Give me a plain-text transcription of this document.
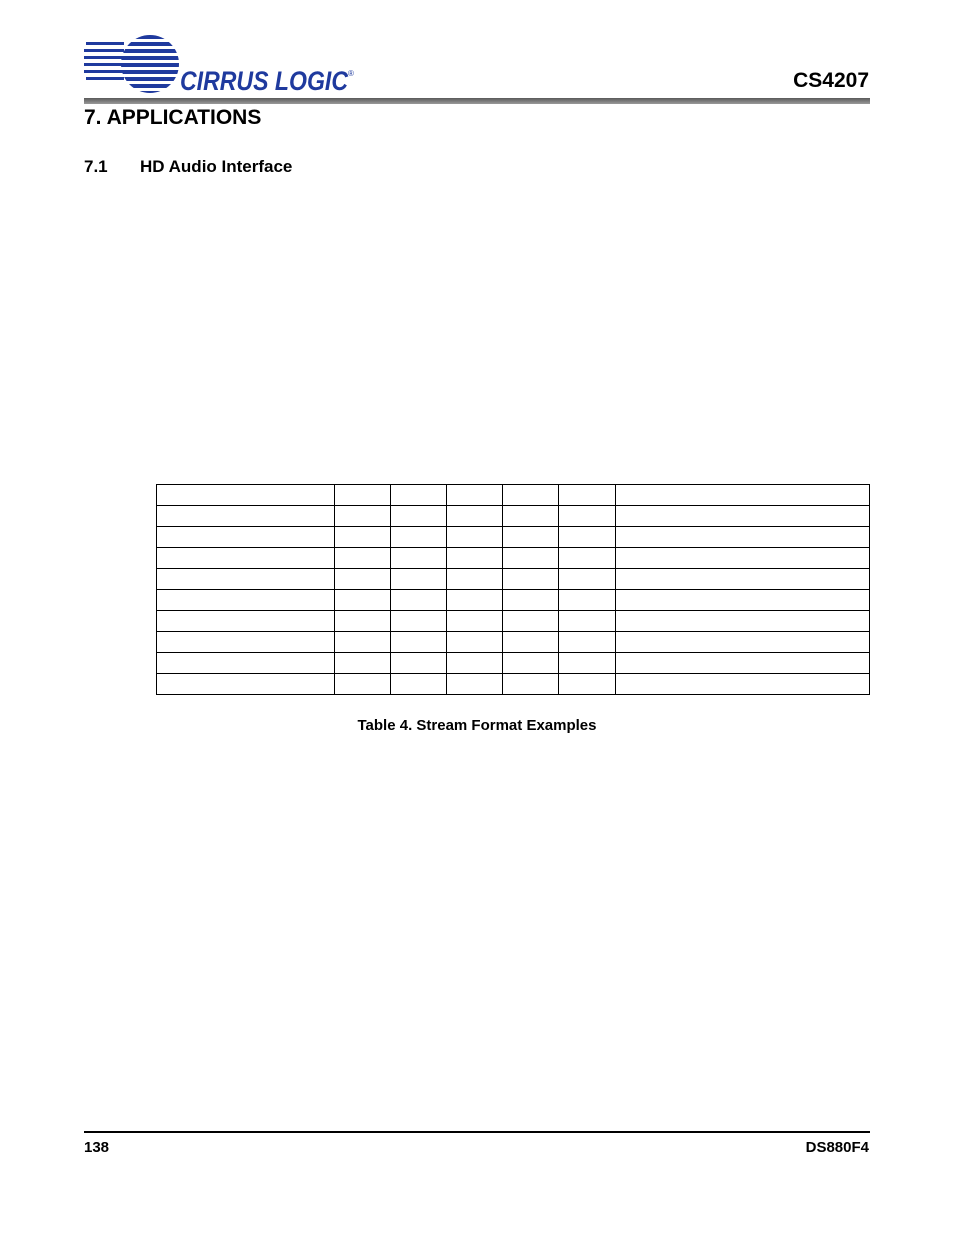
CIRRUS LOGIC ®	CS4207
7. APPLICATIONS
7.1 HD Audio Interface

Table 4. Stream Format Examples
138	DS880F4
